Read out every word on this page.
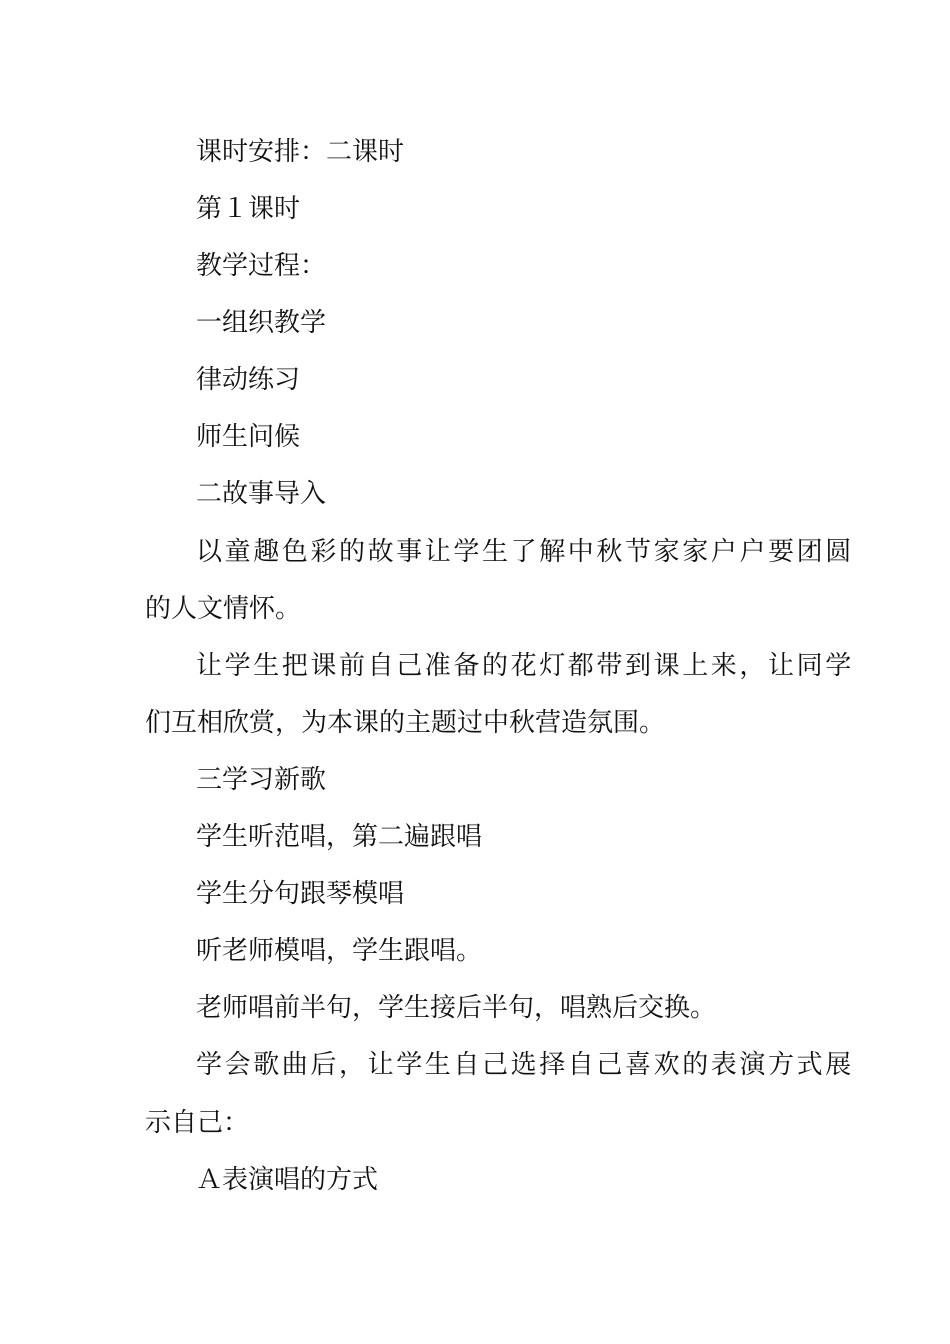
课时安排：二课时
第１课时
教学过程：
一组织教学
律动练习
师生问候
二故事导入
以童趣色彩的故事让学生了解中秋节家家户户要团圆
的人文情怀。
让学生把课前自己准备的花灯都带到课上来，让同学
们互相欣赏，为本课的主题过中秋营造氛围。
三学习新歌
学生听范唱，第二遍跟唱
学生分句跟琴模唱
听老师模唱，学生跟唱。
老师唱前半句，学生接后半句，唱熟后交换。
学会歌曲后，让学生自己选择自己喜欢的表演方式展
示自己：
Ａ表演唱的方式
